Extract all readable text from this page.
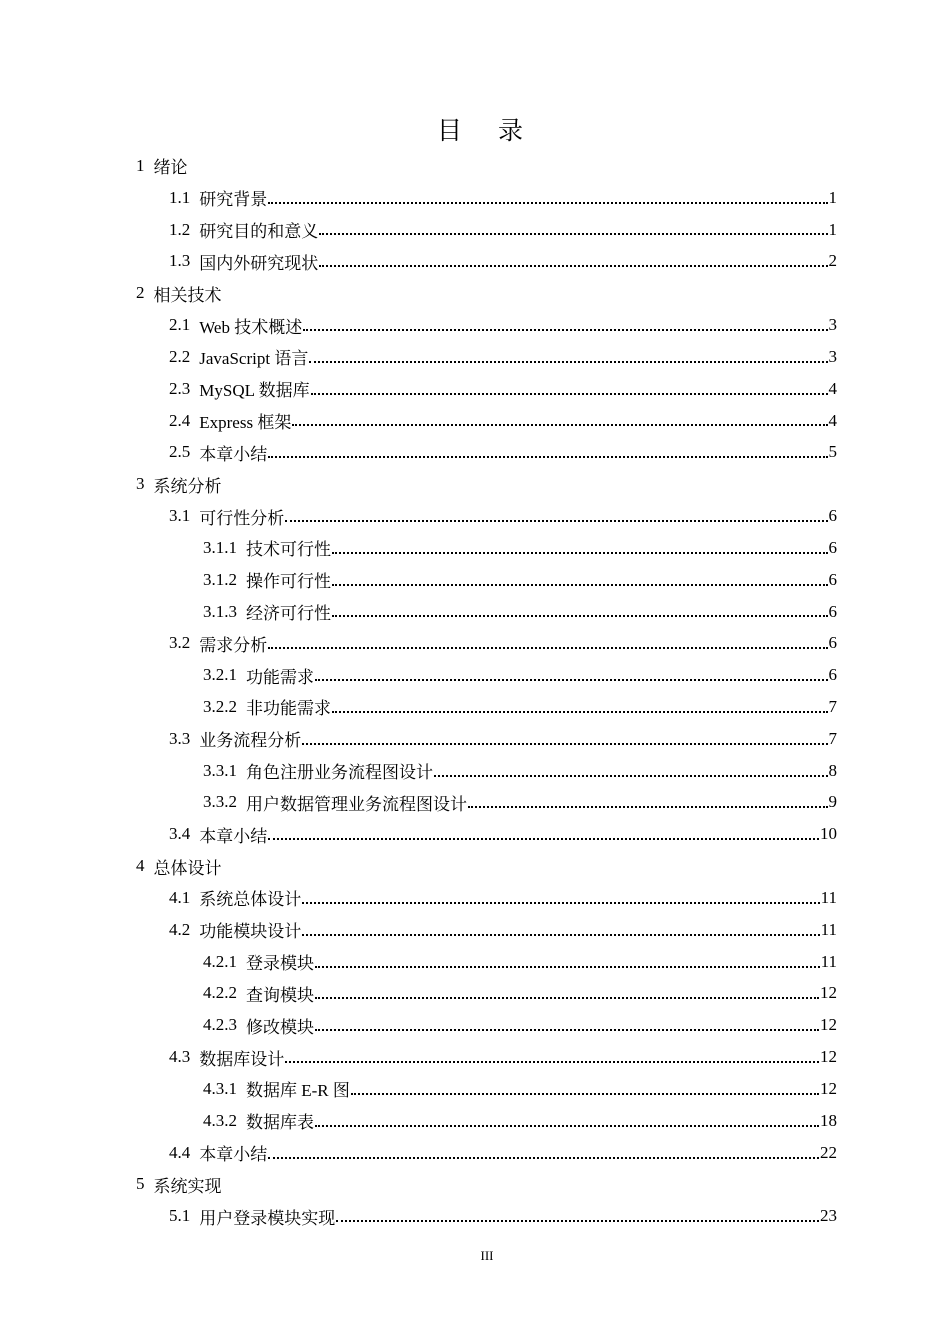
目 录
1 绪论
1.1 研究背景	1
1.2 研究目的和意义	1
1.3 国内外研究现状	2
2 相关技术
2.1 Web 技术概述	3
2.2 JavaScript 语言	3
2.3 MySQL 数据库	4
2.4 Express 框架	4
2.5 本章小结	5
3 系统分析
3.1 可行性分析	6
3.1.1 技术可行性	6
3.1.2 操作可行性	6
3.1.3 经济可行性	6
3.2 需求分析	6
3.2.1 功能需求	6
3.2.2 非功能需求	7
3.3 业务流程分析	7
3.3.1 角色注册业务流程图设计	8
3.3.2 用户数据管理业务流程图设计	9
3.4 本章小结	10
4 总体设计
4.1 系统总体设计	11
4.2 功能模块设计	11
4.2.1 登录模块	11
4.2.2 查询模块	12
4.2.3 修改模块	12
4.3 数据库设计	12
4.3.1 数据库 E-R 图	12
4.3.2 数据库表	18
4.4 本章小结	22
5 系统实现
5.1 用户登录模块实现	23
III
